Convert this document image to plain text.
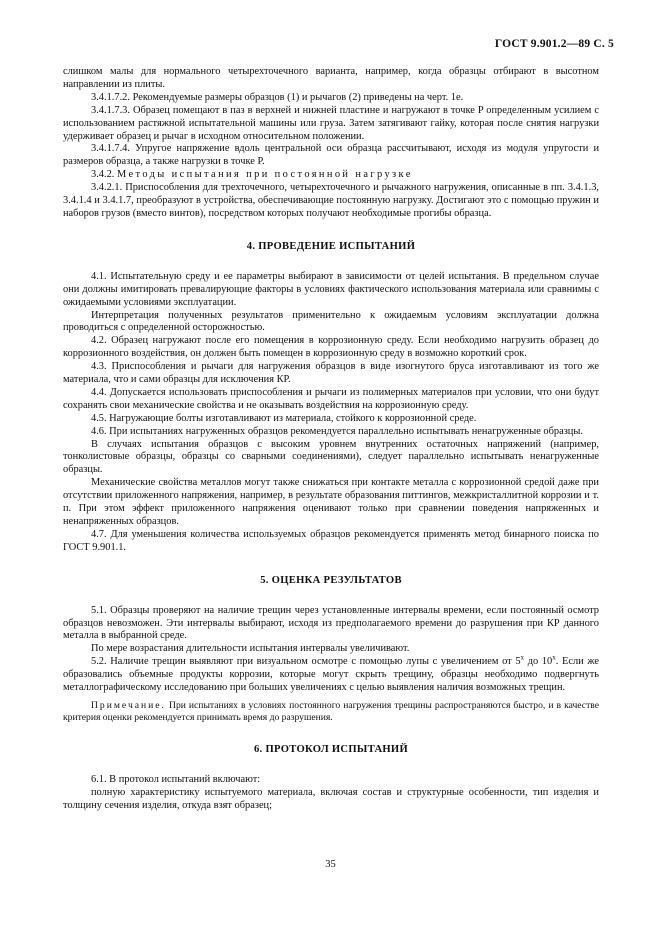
ГОСТ 9.901.2—89 С. 5

слишком малы для нормального четырехточечного варианта, например, когда образцы отбирают в высотном направлении из плиты.

3.4.1.7.2. Рекомендуемые размеры образцов (1) и рычагов (2) приведены на черт. 1е.

3.4.1.7.3. Образец помещают в паз в верхней и нижней пластине и нагружают в точке P определенным усилием с использованием растяжной испытательной машины или груза. Затем затягивают гайку, которая после снятия нагрузки удерживает образец и рычаг в исходном относительном положении.

3.4.1.7.4. Упругое напряжение вдоль центральной оси образца рассчитывают, исходя из модуля упругости и размеров образца, а также нагрузки в точке P.

3.4.2. Методы испытания при постоянной нагрузке

3.4.2.1. Приспособления для трехточечного, четырехточечного и рычажного нагружения, описанные в пп. 3.4.1.3, 3.4.1.4 и 3.4.1.7, преобразуют в устройства, обеспечивающие постоянную нагрузку. Достигают это с помощью пружин и наборов грузов (вместо винтов), посредством которых получают необходимые прогибы образца.

4. ПРОВЕДЕНИЕ ИСПЫТАНИЙ

4.1. Испытательную среду и ее параметры выбирают в зависимости от целей испытания. В предельном случае они должны имитировать превалирующие факторы в условиях фактического использования материала или сравнимы с ожидаемыми условиями эксплуатации.

Интерпретация полученных результатов применительно к ожидаемым условиям эксплуатации должна проводиться с определенной осторожностью.

4.2. Образец нагружают после его помещения в коррозионную среду. Если необходимо нагрузить образец до коррозионного воздействия, он должен быть помещен в коррозионную среду в возможно короткий срок.

4.3. Приспособления и рычаги для нагружения образцов в виде изогнутого бруса изготавливают из того же материала, что и сами образцы для исключения КР.

4.4. Допускается использовать приспособления и рычаги из полимерных материалов при условии, что они будут сохранять свои механические свойства и не оказывать воздействия на коррозионную среду.

4.5. Нагружающие болты изготавливают из материала, стойкого к коррозионной среде.

4.6. При испытаниях нагруженных образцов рекомендуется параллельно испытывать ненагруженные образцы.

В случаях испытания образцов с высоким уровнем внутренних остаточных напряжений (например, тонколистовые образцы, образцы со сварными соединениями), следует параллельно испытывать ненагруженные образцы.

Механические свойства металлов могут также снижаться при контакте металла с коррозионной средой даже при отсутствии приложенного напряжения, например, в результате образования питтингов, межкристаллитной коррозии и т. п. При этом эффект приложенного напряжения оценивают только при сравнении поведения напряженных и ненапряженных образцов.

4.7. Для уменьшения количества используемых образцов рекомендуется применять метод бинарного поиска по ГОСТ 9.901.1.

5. ОЦЕНКА РЕЗУЛЬТАТОВ

5.1. Образцы проверяют на наличие трещин через установленные интервалы времени, если постоянный осмотр образцов невозможен. Эти интервалы выбирают, исходя из предполагаемого времени до разрушения при КР данного металла в выбранной среде.

По мере возрастания длительности испытания интервалы увеличивают.

5.2. Наличие трещин выявляют при визуальном осмотре с помощью лупы с увеличением от 5$^x$ до 10$^x$. Если же образовались объемные продукты коррозии, которые могут скрыть трещину, образцы необходимо подвергнуть металлографическому исследованию при больших увеличениях с целью выявления наличия возможных трещин.

Примечание. При испытаниях в условиях постоянного нагружения трещины распространяются быстро, и в качестве критерия оценки рекомендуется принимать время до разрушения.

6. ПРОТОКОЛ ИСПЫТАНИЙ

6.1. В протокол испытаний включают:

полную характеристику испытуемого материала, включая состав и структурные особенности, тип изделия и толщину сечения изделия, откуда взят образец;

35
